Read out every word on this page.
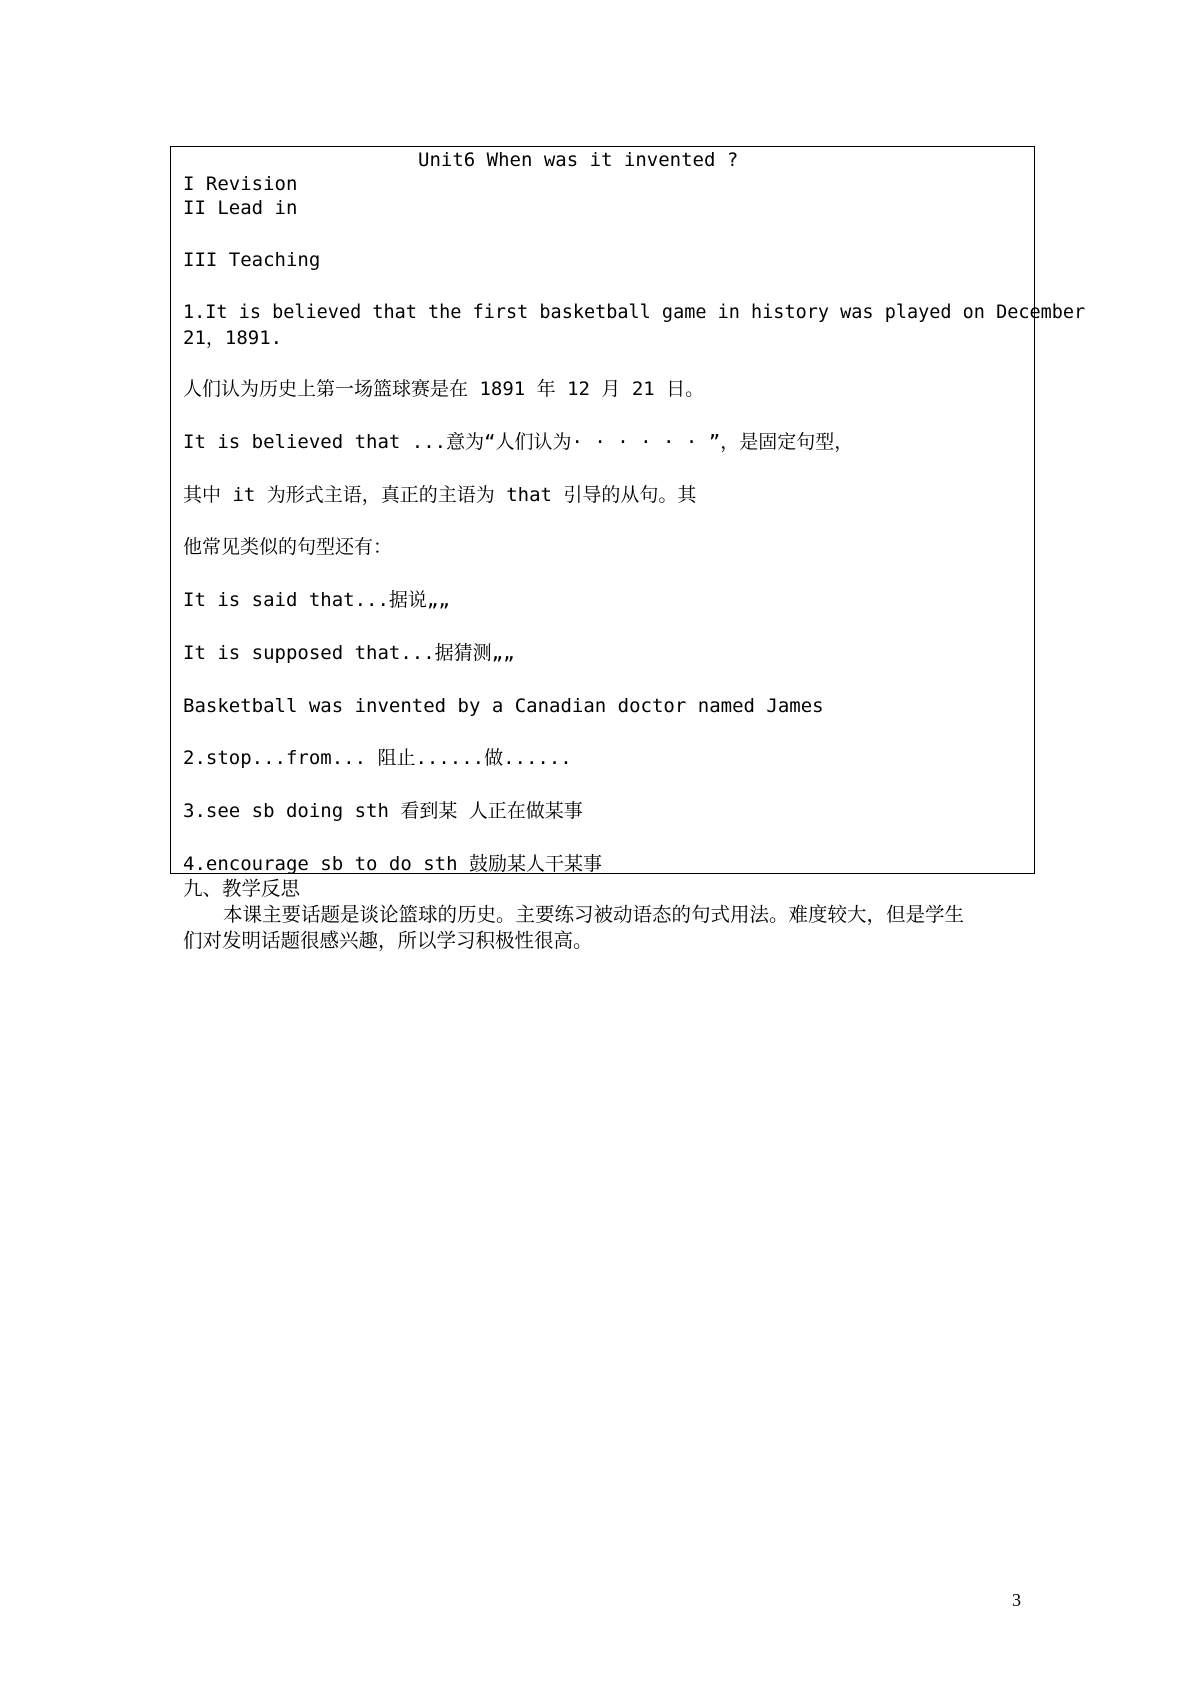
Unit6 When was it invented ?
I Revision
II Lead in
III Teaching
1.It is believed that the first basketball game in history was played on December
21，1891.
人们认为历史上第一场篮球赛是在 1891 年 12 月 21 日。
It is believed that ...意为“人们认为· · · · · · ”，是固定句型，
其中 it 为形式主语，真正的主语为 that 引导的从句。其
他常见类似的句型还有：
It is said that...据说„„
It is supposed that...据猜测„„
Basketball was invented by a Canadian doctor named James
2.stop...from... 阻止......做......
3.see sb doing sth 看到某 人正在做某事
4.encourage sb to do sth 鼓励某人干某事
九、教学反思
本课主要话题是谈论篮球的历史。主要练习被动语态的句式用法。难度较大，但是学生
们对发明话题很感兴趣，所以学习积极性很高。
3
